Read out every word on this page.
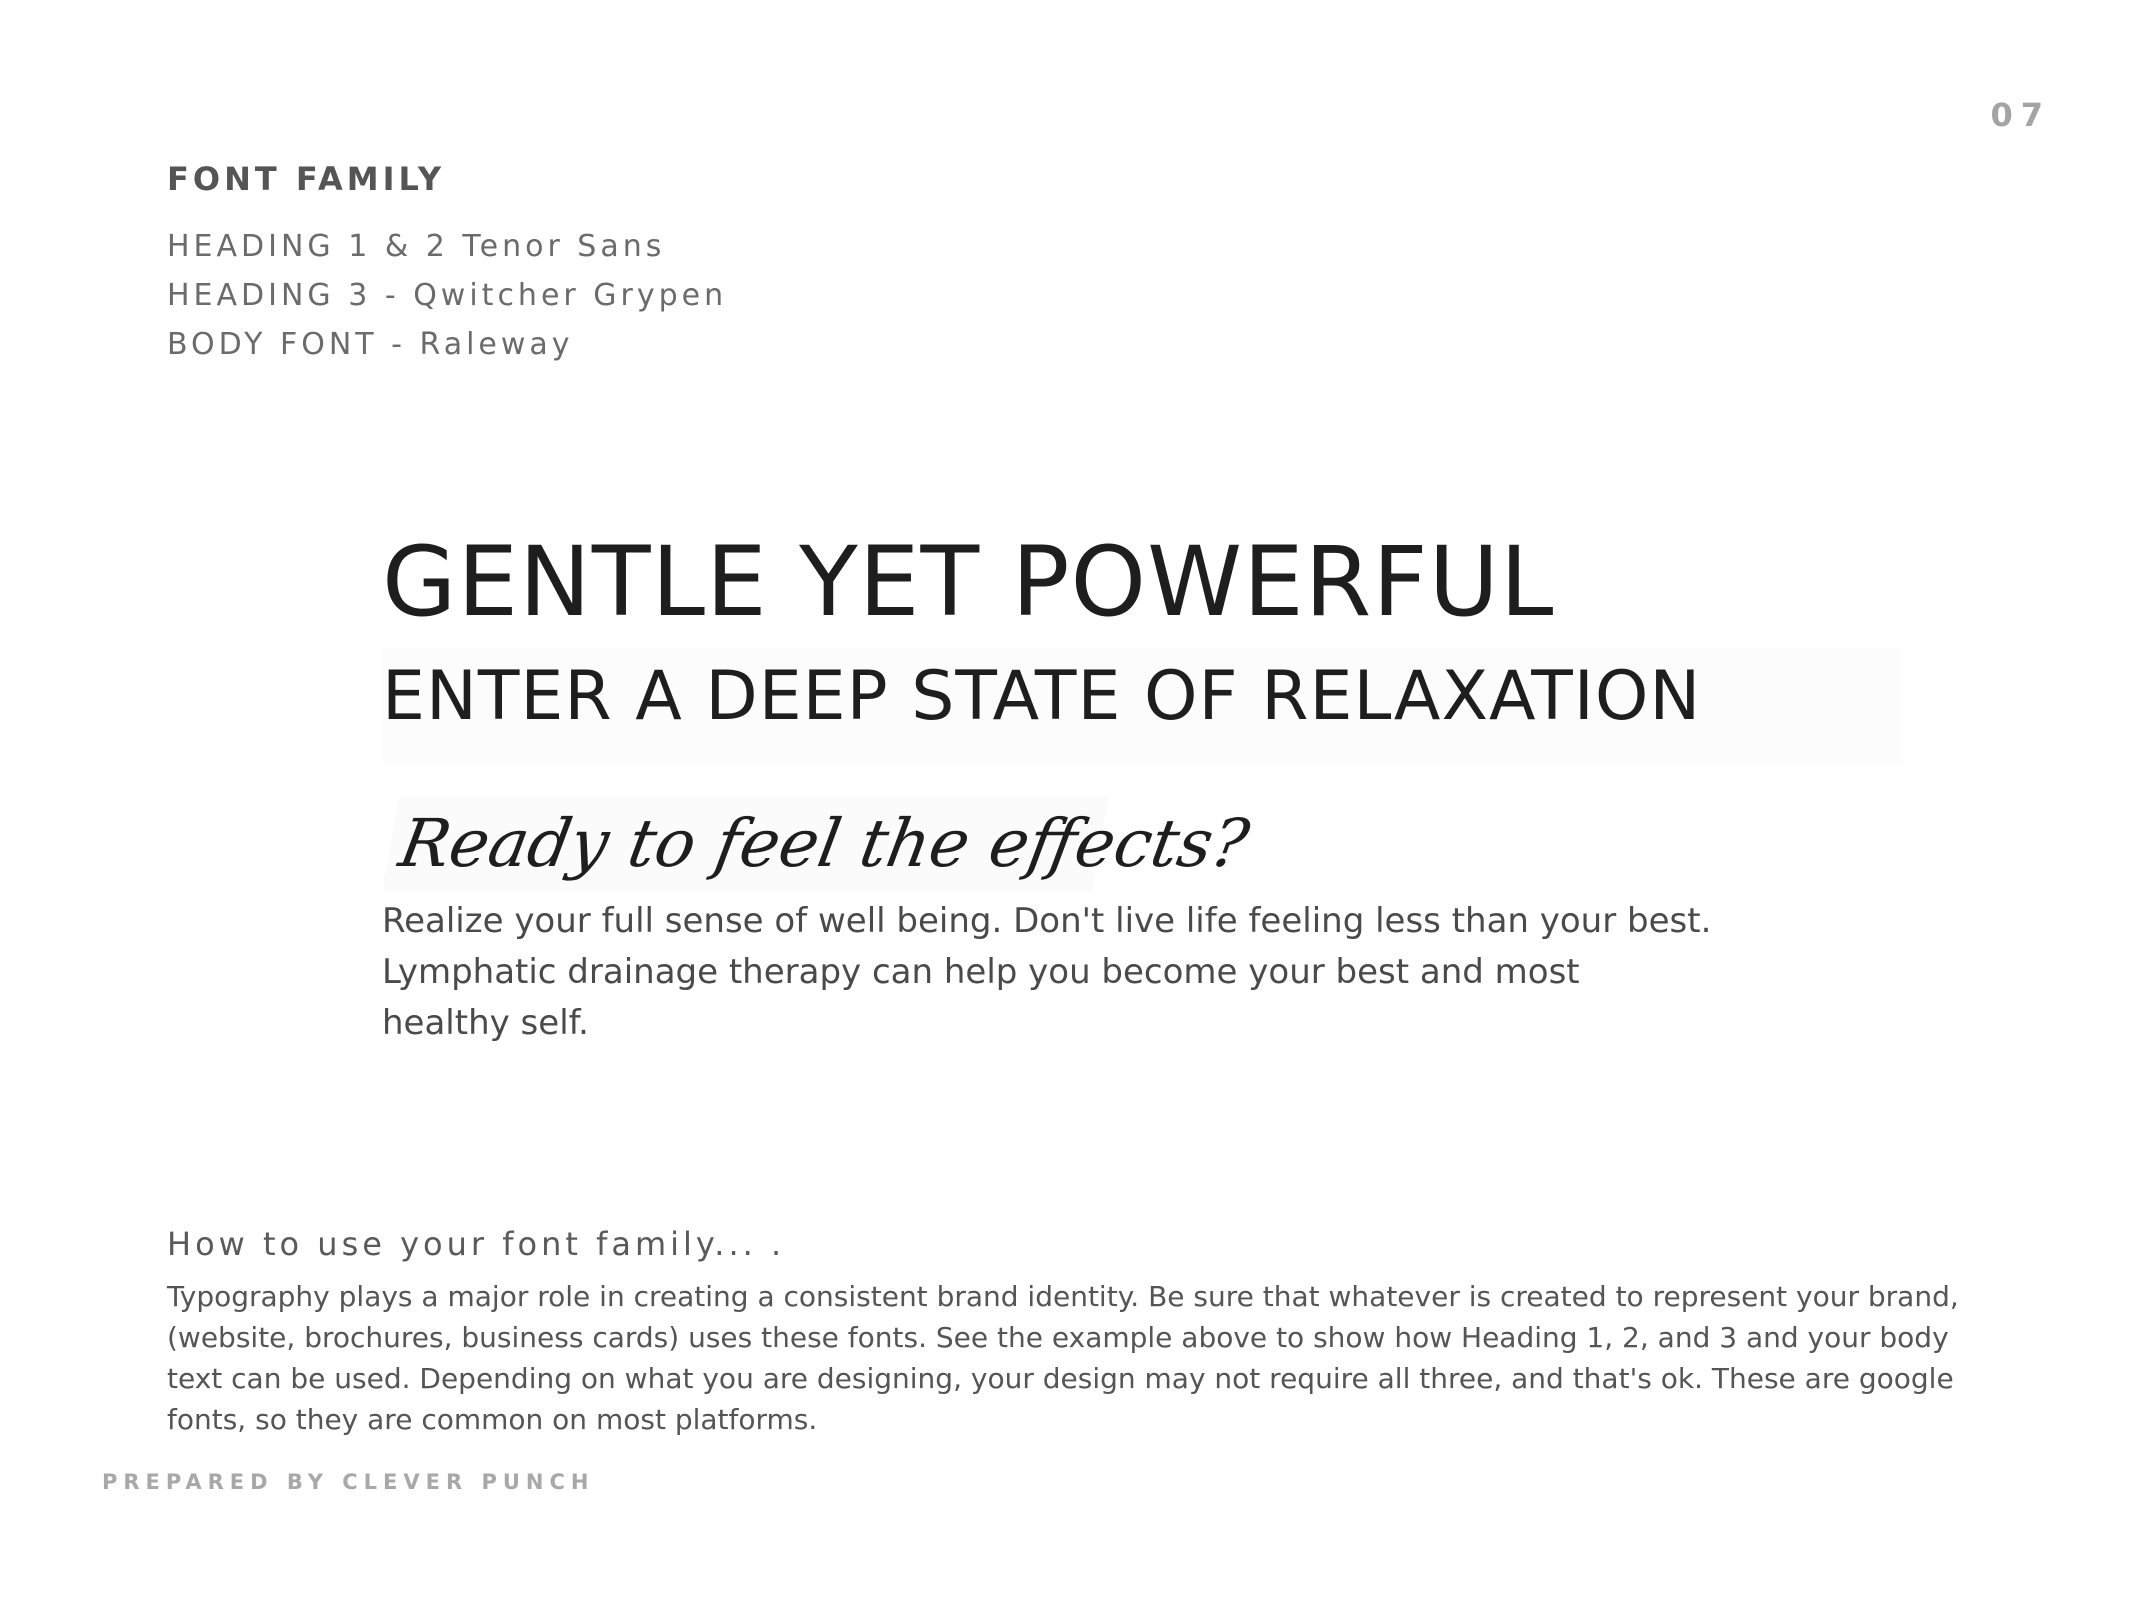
07
FONT FAMILY
HEADING 1 & 2 Tenor Sans
HEADING 3 - Qwitcher Grypen
BODY FONT - Raleway
GENTLE YET POWERFUL
ENTER A DEEP STATE OF RELAXATION
Ready to feel the effects?
Realize your full sense of well being. Don't live life feeling less than your best.
Lymphatic drainage therapy can help you become your best and most
healthy self.
How to use your font family... .
Typography plays a major role in creating a consistent brand identity. Be sure that whatever is created to represent your brand,
(website, brochures, business cards) uses these fonts. See the example above to show how Heading 1, 2, and 3 and your body
text can be used. Depending on what you are designing, your design may not require all three, and that's ok. These are google
fonts, so they are common on most platforms.
PREPARED BY CLEVER PUNCH
